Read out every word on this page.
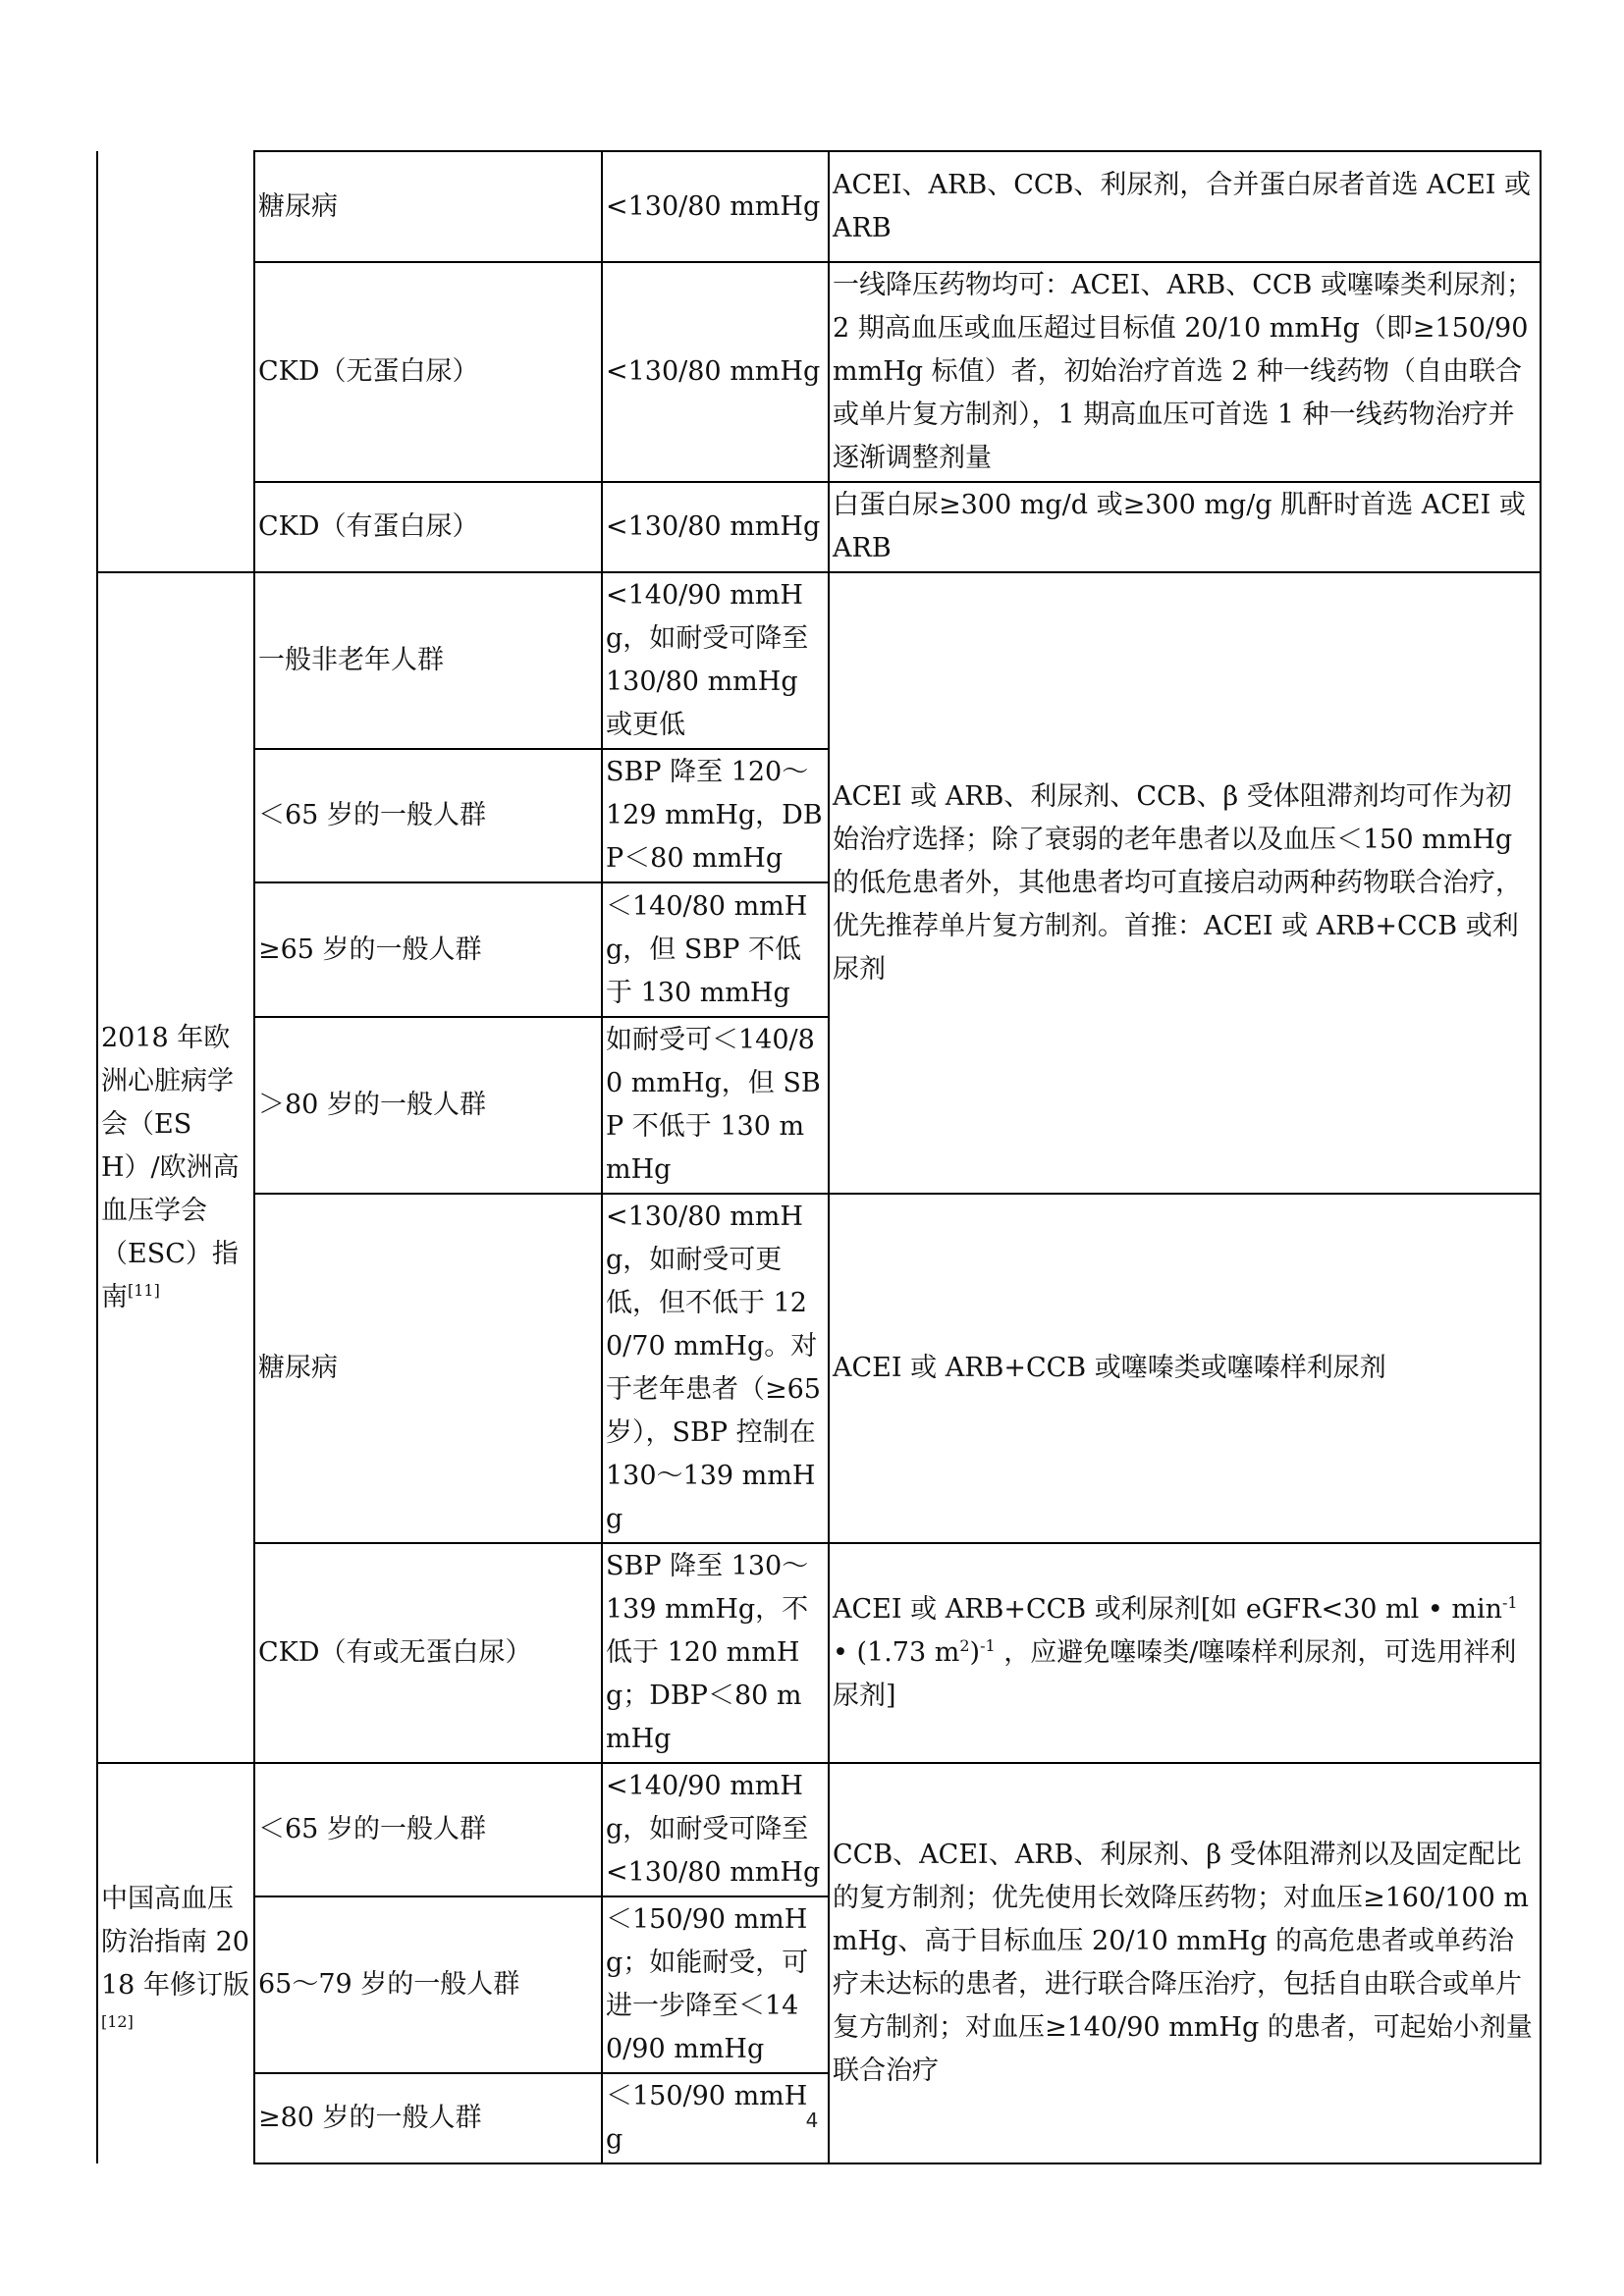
	糖尿病	<130/80 mmHg	ACEI、ARB、CCB、利尿剂，合并蛋白尿者首选 ACEI 或 ARB
	CKD（无蛋白尿）	<130/80 mmHg	一线降压药物均可：ACEI、ARB、CCB 或噻嗪类利尿剂；2 期高血压或血压超过目标值 20/10 mmHg（即≥150/90 mmHg 标值）者，初始治疗首选 2 种一线药物（自由联合或单片复方制剂），1 期高血压可首选 1 种一线药物治疗并逐渐调整剂量
	CKD（有蛋白尿）	<130/80 mmHg	白蛋白尿≥300 mg/d 或≥300 mg/g 肌酐时首选 ACEI 或 ARB
2018 年欧洲心脏病学会（ESH）/欧洲高血压学会（ESC）指南[11]	一般非老年人群	<140/90 mmHg，如耐受可降至 130/80 mmHg 或更低	ACEI 或 ARB、利尿剂、CCB、β 受体阻滞剂均可作为初始治疗选择；除了衰弱的老年患者以及血压＜150 mmHg 的低危患者外，其他患者均可直接启动两种药物联合治疗，优先推荐单片复方制剂。首推：ACEI 或 ARB+CCB 或利尿剂
	＜65 岁的一般人群	SBP 降至 120～129 mmHg，DBP＜80 mmHg	
	≥65 岁的一般人群	＜140/80 mmHg，但 SBP 不低于 130 mmHg	
	＞80 岁的一般人群	如耐受可＜140/80 mmHg，但 SBP 不低于 130 mmHg	
	糖尿病	<130/80 mmHg，如耐受可更低，但不低于 120/70 mmHg。对于老年患者（≥65 岁），SBP 控制在 130～139 mmHg	ACEI 或 ARB+CCB 或噻嗪类或噻嗪样利尿剂
	CKD（有或无蛋白尿）	SBP 降至 130～139 mmHg，不低于 120 mmHg；DBP＜80 mmHg	ACEI 或 ARB+CCB 或利尿剂[如 eGFR<30 ml • $\min^{-1}$ • (1.73 $m^2)^{-1}$ ，应避免噻嗪类/噻嗪样利尿剂，可选用袢利尿剂]
中国高血压防治指南 2018 年修订版[12]	＜65 岁的一般人群	<140/90 mmHg，如耐受可降至<130/80 mmHg	CCB、ACEI、ARB、利尿剂、β 受体阻滞剂以及固定配比的复方制剂；优先使用长效降压药物；对血压≥160/100 mmHg、高于目标血压 20/10 mmHg 的高危患者或单药治疗未达标的患者，进行联合降压治疗，包括自由联合或单片复方制剂；对血压≥140/90 mmHg 的患者，可起始小剂量联合治疗
	65～79 岁的一般人群	＜150/90 mmHg；如能耐受，可进一步降至＜140/90 mmHg	
	≥80 岁的一般人群	＜150/90 mmHg	
4
